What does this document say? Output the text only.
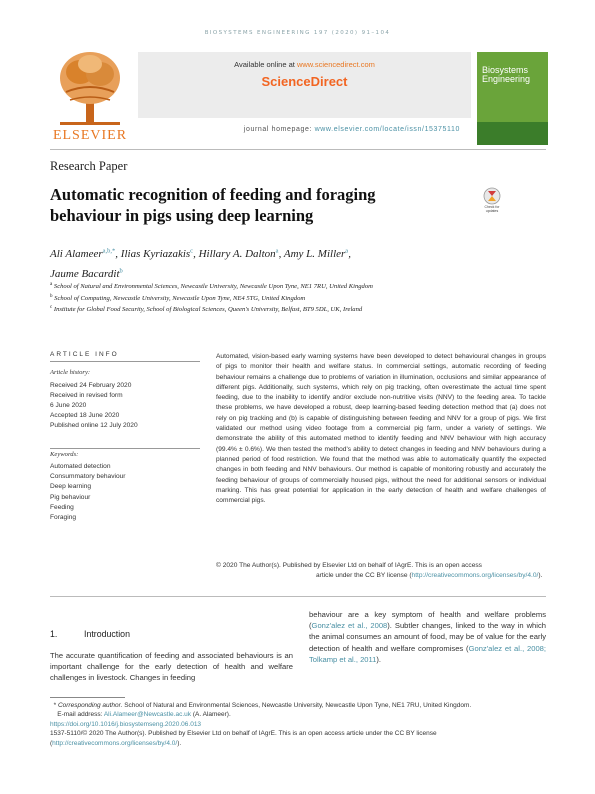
BIOSYSTEMS ENGINEERING 197 (2020) 91–104
ELSEVIER
Available online at www.sciencedirect.com
ScienceDirect
journal homepage: www.elsevier.com/locate/issn/15375110
Biosystems
Engineering
Research Paper
Automatic recognition of feeding and foraging behaviour in pigs using deep learning	Check for
updates
Ali Alameer$^{a,b,*}$, Ilias Kyriazakis$^c$, Hillary A. Dalton$^a$, Amy L. Miller$^a$,
Jaume Bacardit$^b$
$^a$ School of Natural and Environmental Sciences, Newcastle University, Newcastle Upon Tyne, NE1 7RU, United Kingdom
$^b$ School of Computing, Newcastle University, Newcastle Upon Tyne, NE4 5TG, United Kingdom
$^c$ Institute for Global Food Security, School of Biological Sciences, Queen's University, Belfast, BT9 5DL, UK, Ireland
ARTICLE INFO
Article history:
Received 24 February 2020
Received in revised form
6 June 2020
Accepted 18 June 2020
Published online 12 July 2020
Keywords:
Automated detection
Consummatory behaviour
Deep learning
Pig behaviour
Feeding
Foraging
Automated, vision-based early warning systems have been developed to detect behavioural changes in groups of pigs to monitor their health and welfare status. In commercial settings, automatic recording of feeding behaviour remains a challenge due to problems of variation in illumination, occlusions and similar appearance of different pigs. Additionally, such systems, which rely on pig tracking, often overestimate the actual time spent feeding, due to the inability to identify and/or exclude non-nutritive visits (NNV) to the feeding area. To tackle these problems, we have developed a robust, deep learning-based feeding detection method that (a) does not rely on pig tracking and (b) is capable of distinguishing between feeding and NNV for a group of pigs. We first validated our method using video footage from a commercial pig farm, under a variety of settings. We demonstrate the ability of this automated method to identify feeding and NNV behaviour with high accuracy (99.4% ± 0.6%). We then tested the method's ability to detect changes in feeding and NNV behaviours during a planned period of food restriction. We found that the method was able to automatically quantify the expected changes in both feeding and NNV behaviours. Our method is capable of monitoring robustly and accurately the feeding behaviour of groups of commercially housed pigs, without the need for additional sensors or individual marking. This has great potential for application in the early detection of health and welfare challenges of commercial pigs.
© 2020 The Author(s). Published by Elsevier Ltd on behalf of IAgrE. This is an open access
article under the CC BY license (http://creativecommons.org/licenses/by/4.0/).
1.	Introduction
The accurate quantification of feeding and associated behaviours is an important challenge for the early detection of health and welfare challenges in livestock. Changes in feeding
behaviour are a key symptom of health and welfare problems (Gonz'alez et al., 2008). Subtler changes, linked to the way in which the animal consumes an amount of food, may be of value for the early detection of health and welfare compromises (Gonz'alez et al., 2008; Tolkamp et al., 2011).
* Corresponding author. School of Natural and Environmental Sciences, Newcastle University, Newcastle Upon Tyne, NE1 7RU, United Kingdom.
E-mail address: Ali.Alameer@Newcastle.ac.uk (A. Alameer).
https://doi.org/10.1016/j.biosystemseng.2020.06.013
1537-5110/© 2020 The Author(s). Published by Elsevier Ltd on behalf of IAgrE. This is an open access article under the CC BY license
(http://creativecommons.org/licenses/by/4.0/).
